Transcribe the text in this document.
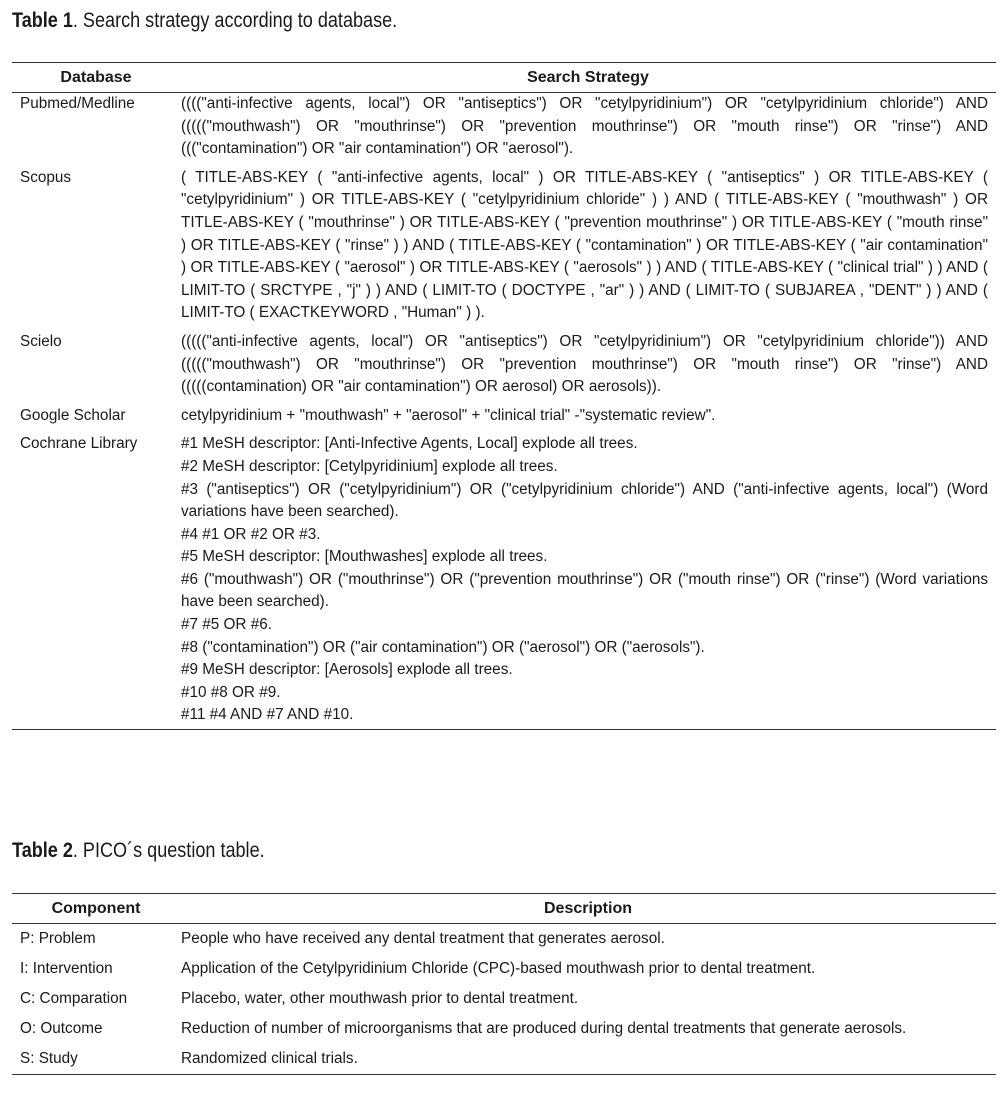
Table 1. Search strategy according to database.
Database	Search Strategy
Pubmed/Medline	(((("anti-infective agents, local") OR "antiseptics") OR "cetylpyridinium") OR "cetylpyridinium chloride") AND ((((("mouthwash") OR "mouthrinse") OR "prevention mouthrinse") OR "mouth rinse") OR "rinse") AND ((("contamination") OR "air contamination") OR "aerosol").
Scopus	( TITLE-ABS-KEY ( "anti-infective agents, local" ) OR TITLE-ABS-KEY ( "antiseptics" ) OR TITLE-ABS-KEY ( "cetylpyridinium" ) OR TITLE-ABS-KEY ( "cetylpyridinium chloride" ) ) AND ( TITLE-ABS-KEY ( "mouthwash" ) OR TITLE-ABS-KEY ( "mouthrinse" ) OR TITLE-ABS-KEY ( "prevention mouthrinse" ) OR TITLE-ABS-KEY ( "mouth rinse" ) OR TITLE-ABS-KEY ( "rinse" ) ) AND ( TITLE-ABS-KEY ( "contamination" ) OR TITLE-ABS-KEY ( "air contamination" ) OR TITLE-ABS-KEY ( "aerosol" ) OR TITLE-ABS-KEY ( "aerosols" ) ) AND ( TITLE-ABS-KEY ( "clinical trial" ) ) AND ( LIMIT-TO ( SRCTYPE , "j" ) ) AND ( LIMIT-TO ( DOCTYPE , "ar" ) ) AND ( LIMIT-TO ( SUBJAREA , "DENT" ) ) AND ( LIMIT-TO ( EXACTKEYWORD , "Human" ) ).
Scielo	((((("anti-infective agents, local") OR "antiseptics") OR "cetylpyridinium") OR "cetylpyridinium chloride")) AND ((((("mouthwash") OR "mouthrinse") OR "prevention mouthrinse") OR "mouth rinse") OR "rinse") AND (((((contamination) OR "air contamination") OR aerosol) OR aerosols)).
Google Scholar	cetylpyridinium + "mouthwash" + "aerosol" + "clinical trial" -"systematic review".
Cochrane Library	#1 MeSH descriptor: [Anti-Infective Agents, Local] explode all trees.
#2 MeSH descriptor: [Cetylpyridinium] explode all trees.
#3 ("antiseptics") OR ("cetylpyridinium") OR ("cetylpyridinium chloride") AND ("anti-infective agents, local") (Word variations have been searched).
#4 #1 OR #2 OR #3.
#5 MeSH descriptor: [Mouthwashes] explode all trees.
#6 ("mouthwash") OR ("mouthrinse") OR ("prevention mouthrinse") OR ("mouth rinse") OR ("rinse") (Word variations have been searched).
#7 #5 OR #6.
#8 ("contamination") OR ("air contamination") OR ("aerosol") OR ("aerosols").
#9 MeSH descriptor: [Aerosols] explode all trees.
#10 #8 OR #9.
#11 #4 AND #7 AND #10.
Table 2. PICO´s question table.
Component	Description
P: Problem	People who have received any dental treatment that generates aerosol.
I: Intervention	Application of the Cetylpyridinium Chloride (CPC)-based mouthwash prior to dental treatment.
C: Comparation	Placebo, water, other mouthwash prior to dental treatment.
O: Outcome	Reduction of number of microorganisms that are produced during dental treatments that generate aerosols.
S: Study	Randomized clinical trials.
